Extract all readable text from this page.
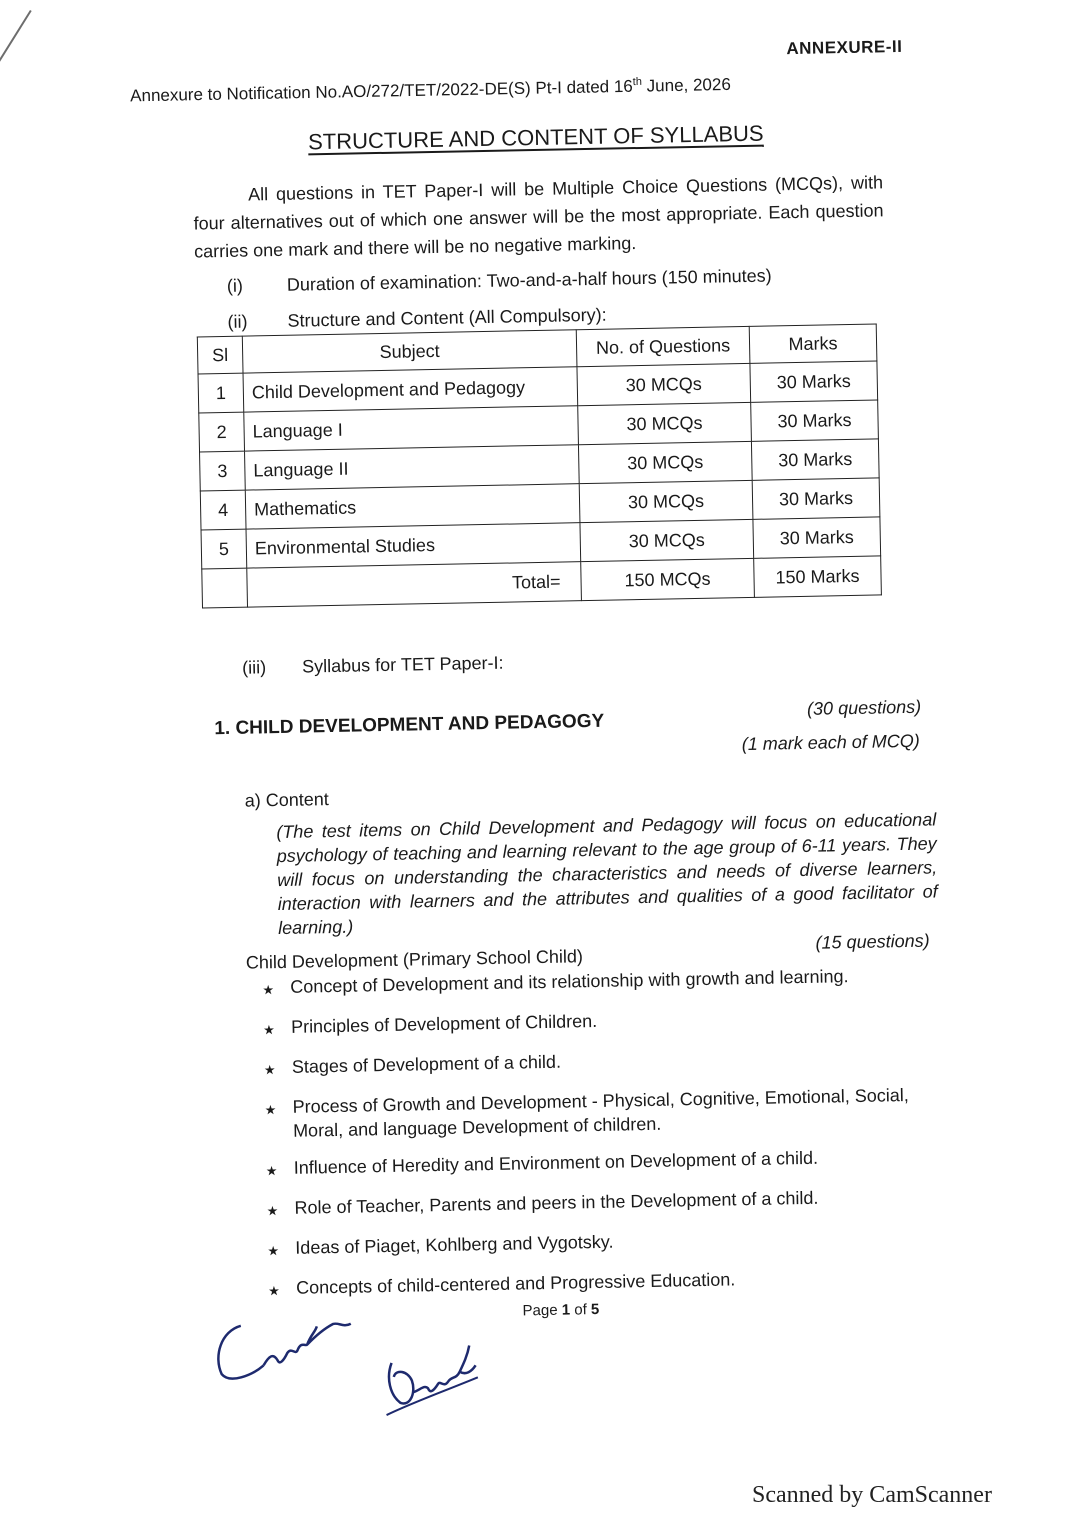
ANNEXURE-II
Annexure to Notification No.AO/272/TET/2022-DE(S) Pt-I dated 16th June, 2026
STRUCTURE AND CONTENT OF SYLLABUS
All questions in TET Paper-I will be Multiple Choice Questions (MCQs), with four alternatives out of which one answer will be the most appropriate. Each question carries one mark and there will be no negative marking.
(i) Duration of examination: Two-and-a-half hours (150 minutes)
(ii) Structure and Content (All Compulsory):
Sl	Subject	No. of Questions	Marks
1	Child Development and Pedagogy	30 MCQs	30 Marks
2	Language I	30 MCQs	30 Marks
3	Language II	30 MCQs	30 Marks
4	Mathematics	30 MCQs	30 Marks
5	Environmental Studies	30 MCQs	30 Marks
	Total=	150 MCQs	150 Marks
(iii) Syllabus for TET Paper-I:
1. CHILD DEVELOPMENT AND PEDAGOGY
(30 questions)
(1 mark each of MCQ)
a) Content
(The test items on Child Development and Pedagogy will focus on educational psychology of teaching and learning relevant to the age group of 6-11 years. They will focus on understanding the characteristics and needs of diverse learners, interaction with learners and the attributes and qualities of a good facilitator of learning.)
Child Development (Primary School Child)
(15 questions)
★ Concept of Development and its relationship with growth and learning.
★ Principles of Development of Children.
★ Stages of Development of a child.
★ Process of Growth and Development - Physical, Cognitive, Emotional, Social, Moral, and language Development of children.
★ Influence of Heredity and Environment on Development of a child.
★ Role of Teacher, Parents and peers in the Development of a child.
★ Ideas of Piaget, Kohlberg and Vygotsky.
★ Concepts of child-centered and Progressive Education.
Page 1 of 5
Scanned by CamScanner
